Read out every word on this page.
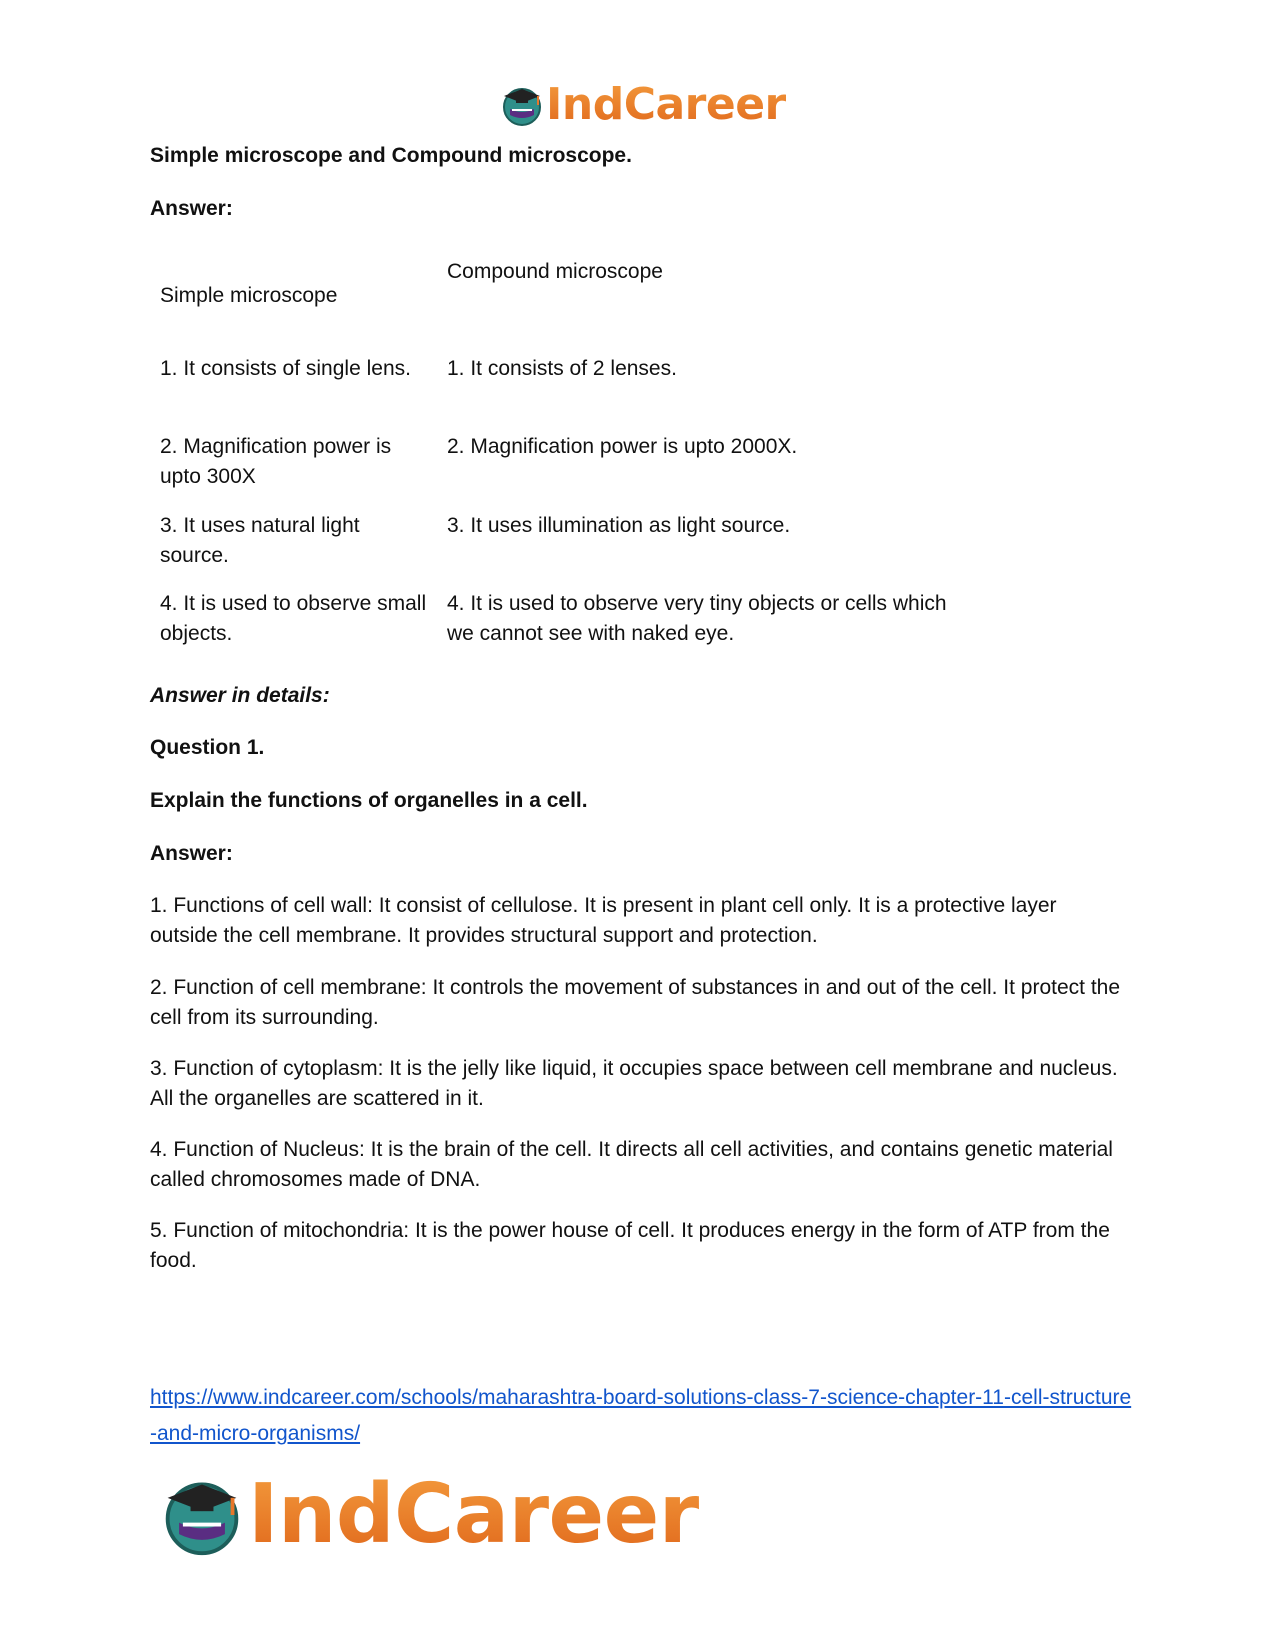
IndCareer

Simple microscope and Compound microscope.

Answer:

Compound microscope

Simple microscope

1. It consists of single lens.	1. It consists of 2 lenses.

2. Magnification power is upto 300X

2. Magnification power is upto 2000X.

3. It uses natural light source.

3. It uses illumination as light source.

4. It is used to observe small objects.

4. It is used to observe very tiny objects or cells which we cannot see with naked eye.

Answer in details:

Question 1.

Explain the functions of organelles in a cell.

Answer:

1. Functions of cell wall: It consist of cellulose. It is present in plant cell only. It is a protective layer outside the cell membrane. It provides structural support and protection.

2. Function of cell membrane: It controls the movement of substances in and out of the cell. It protect the cell from its surrounding.

3. Function of cytoplasm: It is the jelly like liquid, it occupies space between cell membrane and nucleus. All the organelles are scattered in it.

4. Function of Nucleus: It is the brain of the cell. It directs all cell activities, and contains genetic material called chromosomes made of DNA.

5. Function of mitochondria: It is the power house of cell. It produces energy in the form of ATP from the food.

https://www.indcareer.com/schools/maharashtra-board-solutions-class-7-science-chapter-11-cell-structure-and-micro-organisms/
IndCareer
